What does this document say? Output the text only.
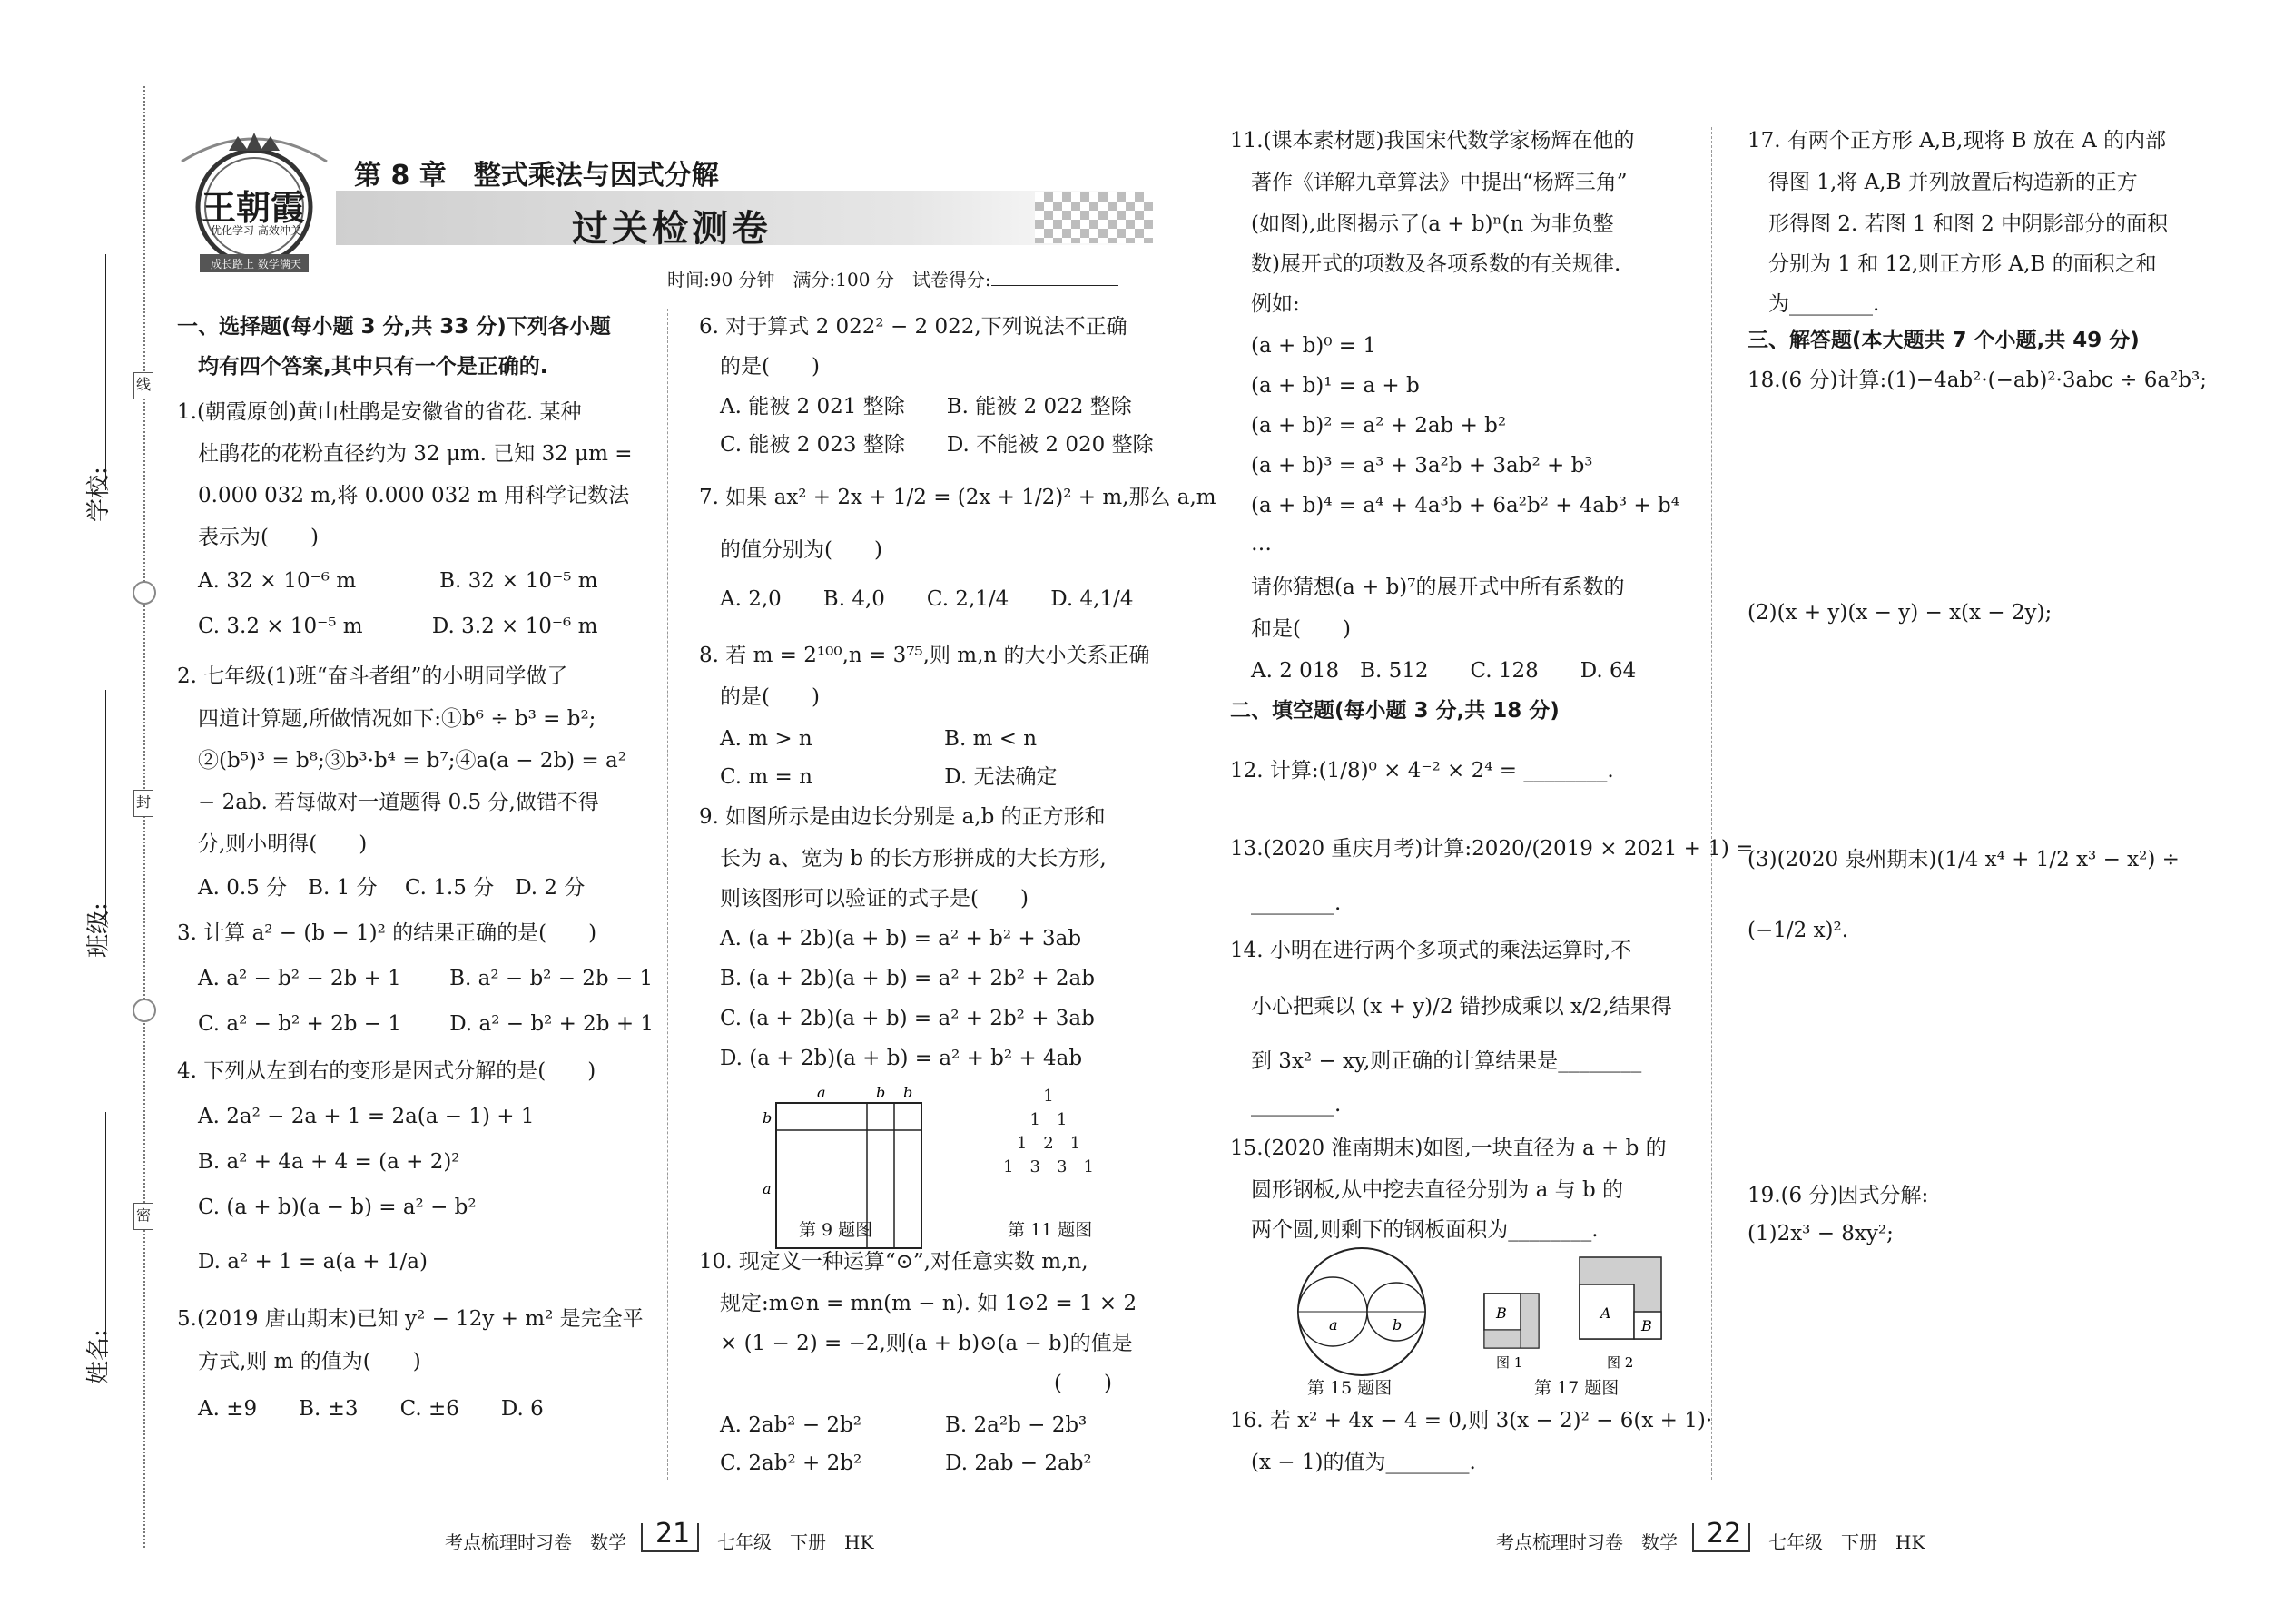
学校:
班级:
姓名:
线
封
密
王朝霞
优化学习 高效冲关
成长路上 数学满天
第 8 章　整式乘法与因式分解
过关检测卷
时间:90 分钟　满分:100 分　试卷得分:
一、选择题(每小题 3 分,共 33 分)下列各小题
　均有四个答案,其中只有一个是正确的.
1.(朝霞原创)黄山杜鹃是安徽省的省花. 某种
　杜鹃花的花粉直径约为 32 μm. 已知 32 μm =
　0.000 032 m,将 0.000 032 m 用科学记数法
　表示为(　　)
　A. 32 × 10⁻⁶ m　　　　B. 32 × 10⁻⁵ m
　C. 3.2 × 10⁻⁵ m　　　 D. 3.2 × 10⁻⁶ m
2. 七年级(1)班“奋斗者组”的小明同学做了
　四道计算题,所做情况如下:①b⁶ ÷ b³ = b²;
　②(b⁵)³ = b⁸;③b³·b⁴ = b⁷;④a(a − 2b) = a²
　− 2ab. 若每做对一道题得 0.5 分,做错不得
　分,则小明得(　　)
　A. 0.5 分　B. 1 分　 C. 1.5 分　D. 2 分
3. 计算 a² − (b − 1)² 的结果正确的是(　　)
　A. a² − b² − 2b + 1　　 B. a² − b² − 2b − 1
　C. a² − b² + 2b − 1　　 D. a² − b² + 2b + 1
4. 下列从左到右的变形是因式分解的是(　　)
　A. 2a² − 2a + 1 = 2a(a − 1) + 1
　B. a² + 4a + 4 = (a + 2)²
　C. (a + b)(a − b) = a² − b²
　D. a² + 1 = a(a + 1/a)
5.(2019 唐山期末)已知 y² − 12y + m² 是完全平
　方式,则 m 的值为(　　)
　A. ±9　　B. ±3　　C. ±6　　D. 6
6. 对于算式 2 022² − 2 022,下列说法不正确
　的是(　　)
　A. 能被 2 021 整除　　B. 能被 2 022 整除
　C. 能被 2 023 整除　　D. 不能被 2 020 整除
7. 如果 ax² + 2x + 1/2 = (2x + 1/2)² + m,那么 a,m
　的值分别为(　　)
　A. 2,0　　B. 4,0　　C. 2,1/4　　D. 4,1/4
8. 若 m = 2¹⁰⁰,n = 3⁷⁵,则 m,n 的大小关系正确
　的是(　　)
　A. m > n　　　　　　 B. m < n
　C. m = n　　　　　　 D. 无法确定
9. 如图所示是由边长分别是 a,b 的正方形和
　长为 a、宽为 b 的长方形拼成的大长方形,
　则该图形可以验证的式子是(　　)
　A. (a + 2b)(a + b) = a² + b² + 3ab
　B. (a + 2b)(a + b) = a² + 2b² + 2ab
　C. (a + 2b)(a + b) = a² + 2b² + 3ab
　D. (a + 2b)(a + b) = a² + b² + 4ab
10. 现定义一种运算“⊙”,对任意实数 m,n,
　规定:m⊙n = mn(m − n). 如 1⊙2 = 1 × 2
　× (1 − 2) = −2,则(a + b)⊙(a − b)的值是
　　　　　　　　　　　　　　　　　(　　)
　A. 2ab² − 2b²　　　　B. 2a²b − 2b³
　C. 2ab² + 2b²　　　　D. 2ab − 2ab²
a	b b
b
a
第 9 题图
1
1　1
1　2　1
1　3　3　1
第 11 题图
11.(课本素材题)我国宋代数学家杨辉在他的
　著作《详解九章算法》中提出“杨辉三角”
　(如图),此图揭示了(a + b)ⁿ(n 为非负整
　数)展开式的项数及各项系数的有关规律.
　例如:
　(a + b)⁰ = 1
　(a + b)¹ = a + b
　(a + b)² = a² + 2ab + b²
　(a + b)³ = a³ + 3a²b + 3ab² + b³
　(a + b)⁴ = a⁴ + 4a³b + 6a²b² + 4ab³ + b⁴
　…
　请你猜想(a + b)⁷的展开式中所有系数的
　和是(　　)
　A. 2 018　B. 512　　C. 128　　D. 64
二、填空题(每小题 3 分,共 18 分)
12. 计算:(1/8)⁰ × 4⁻² × 2⁴ = ________.
13.(2020 重庆月考)计算:2020/(2019 × 2021 + 1) =
　________.
14. 小明在进行两个多项式的乘法运算时,不
　小心把乘以 (x + y)/2 错抄成乘以 x/2,结果得
　到 3x² − xy,则正确的计算结果是________
　________.
15.(2020 淮南期末)如图,一块直径为 a + b 的
　圆形钢板,从中挖去直径分别为 a 与 b 的
　两个圆,则剩下的钢板面积为________.
16. 若 x² + 4x − 4 = 0,则 3(x − 2)² − 6(x + 1)·
　(x − 1)的值为________.
a	b
第 15 题图
B
图 1
A
B
图 2
第 17 题图
17. 有两个正方形 A,B,现将 B 放在 A 的内部
　得图 1,将 A,B 并列放置后构造新的正方
　形得图 2. 若图 1 和图 2 中阴影部分的面积
　分别为 1 和 12,则正方形 A,B 的面积之和
　为________.
三、解答题(本大题共 7 个小题,共 49 分)
18.(6 分)计算:(1)−4ab²·(−ab)²·3abc ÷ 6a²b³;
(2)(x + y)(x − y) − x(x − 2y);
(3)(2020 泉州期末)(1/4 x⁴ + 1/2 x³ − x²) ÷
(−1/2 x)².
19.(6 分)因式分解:
(1)2x³ − 8xy²;
考点梳理时习卷　数学 21 七年级　下册　HK	考点梳理时习卷　数学 22 七年级　下册　HK
